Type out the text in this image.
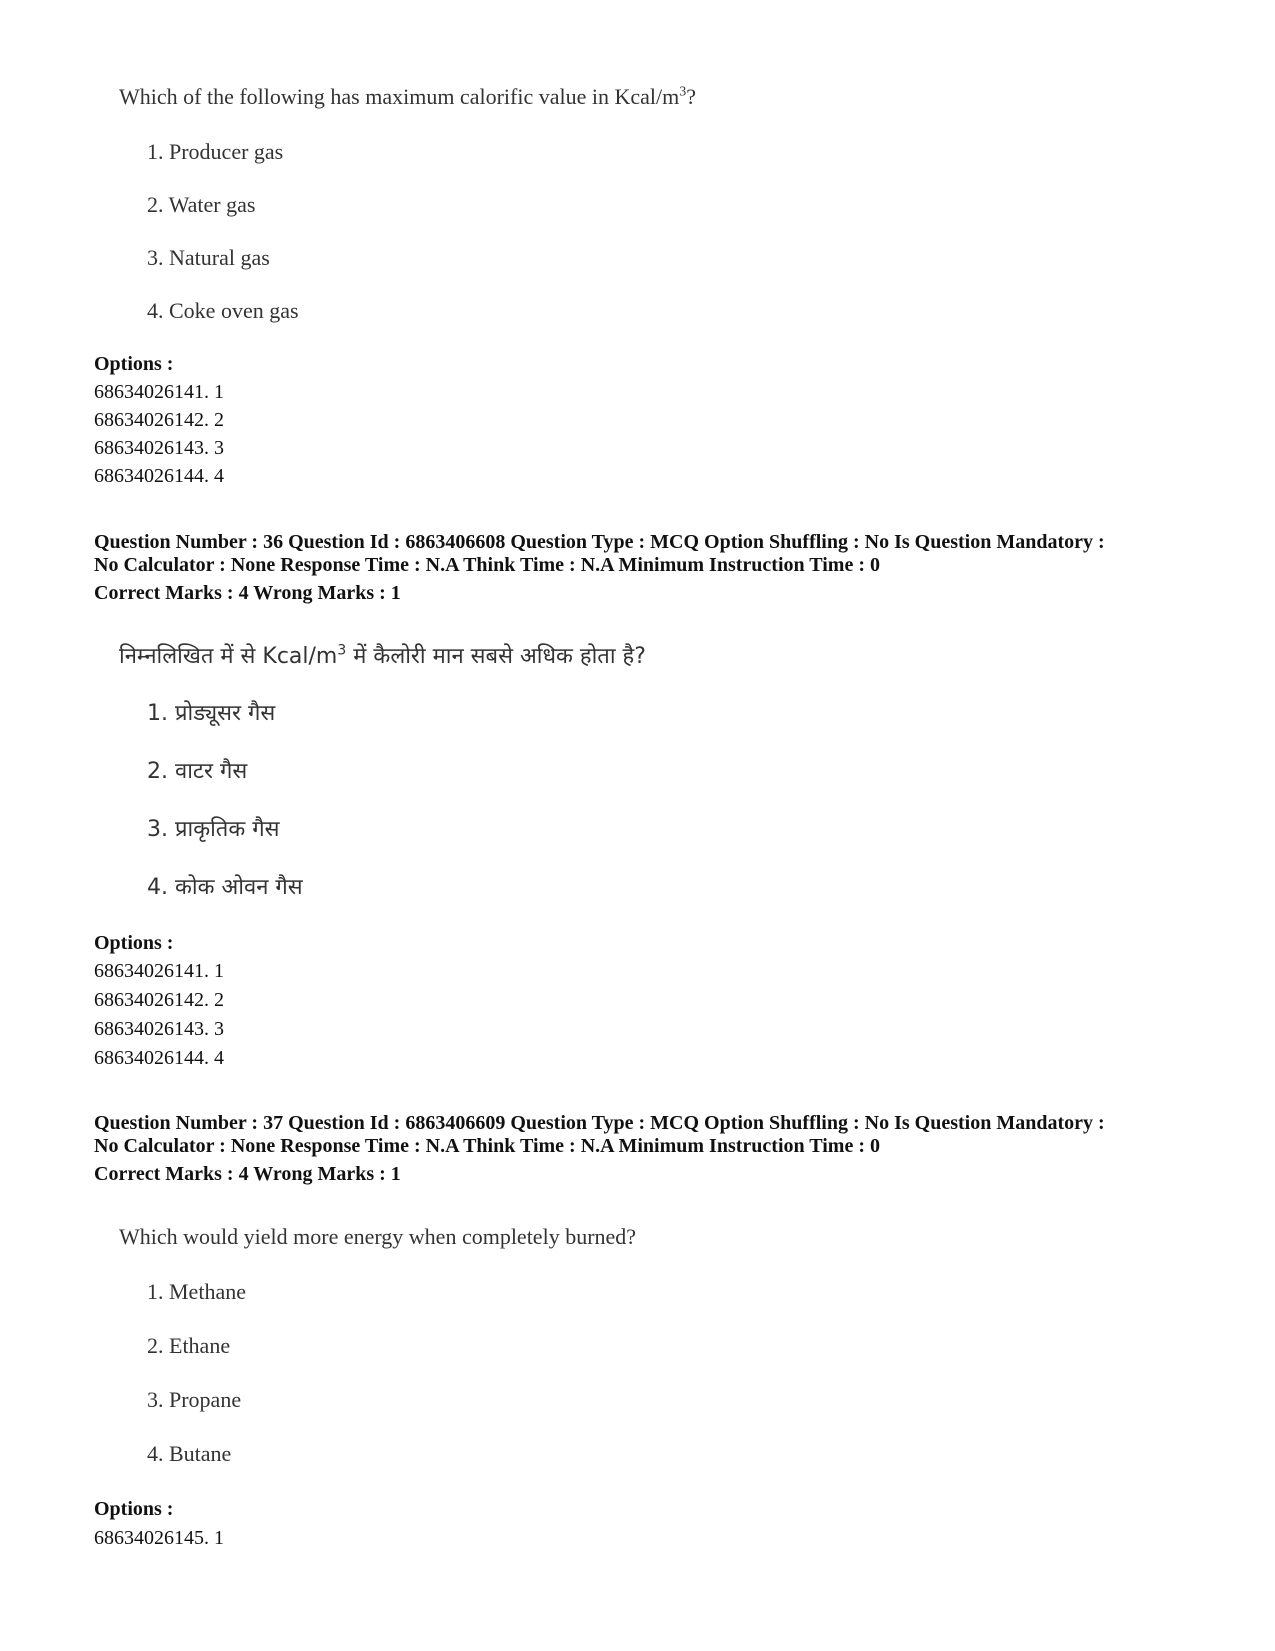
Which of the following has maximum calorific value in Kcal/$m^3$?
1. Producer gas
2. Water gas
3. Natural gas
4. Coke oven gas
Options :
68634026141. 1
68634026142. 2
68634026143. 3
68634026144. 4
Question Number : 36 Question Id : 6863406608 Question Type : MCQ Option Shuffling : No Is Question Mandatory :
No Calculator : None Response Time : N.A Think Time : N.A Minimum Instruction Time : 0
Correct Marks : 4 Wrong Marks : 1
निम्नलिखित में से Kcal/$m^3$ में कैलोरी मान सबसे अधिक होता है?
1. प्रोड्यूसर गैस
2. वाटर गैस
3. प्राकृतिक गैस
4. कोक ओवन गैस
Options :
68634026141. 1
68634026142. 2
68634026143. 3
68634026144. 4
Question Number : 37 Question Id : 6863406609 Question Type : MCQ Option Shuffling : No Is Question Mandatory :
No Calculator : None Response Time : N.A Think Time : N.A Minimum Instruction Time : 0
Correct Marks : 4 Wrong Marks : 1
Which would yield more energy when completely burned?
1. Methane
2. Ethane
3. Propane
4. Butane
Options :
68634026145. 1
